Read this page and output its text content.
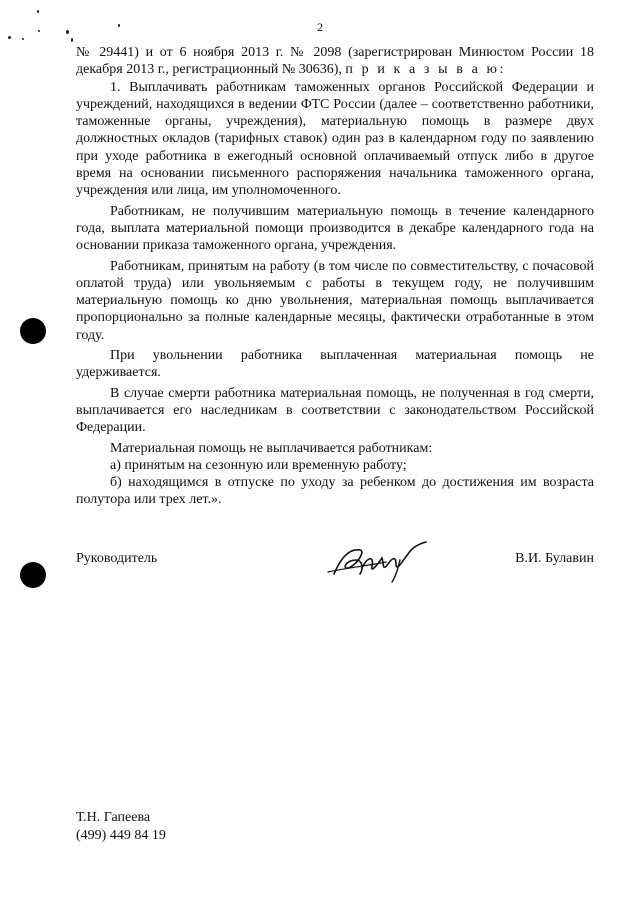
2

№ 29441) и от 6 ноября 2013 г. № 2098 (зарегистрирован Минюстом России 18 декабря 2013 г., регистрационный № 30636), п р и к а з ы в а ю:

1. Выплачивать работникам таможенных органов Российской Федерации и учреждений, находящихся в ведении ФТС России (далее – соответственно работники, таможенные органы, учреждения), материальную помощь в размере двух должностных окладов (тарифных ставок) один раз в календарном году по заявлению при уходе работника в ежегодный основной оплачиваемый отпуск либо в другое время на основании письменного распоряжения начальника таможенного органа, учреждения или лица, им уполномоченного.

Работникам, не получившим материальную помощь в течение календарного года, выплата материальной помощи производится в декабре календарного года на основании приказа таможенного органа, учреждения.

Работникам, принятым на работу (в том числе по совместительству, с почасовой оплатой труда) или увольняемым с работы в текущем году, не получившим материальную помощь ко дню увольнения, материальная помощь выплачивается пропорционально за полные календарные месяцы, фактически отработанные в этом году.

При увольнении работника выплаченная материальная помощь не удерживается.

В случае смерти работника материальная помощь, не полученная в год смерти, выплачивается его наследникам в соответствии с законодательством Российской Федерации.

Материальная помощь не выплачивается работникам:

а) принятым на сезонную или временную работу;

б) находящимся в отпуске по уходу за ребенком до достижения им возраста полутора или трех лет.».

Руководитель	В.И. Булавин
Т.Н. Гапеева
(499) 449 84 19
